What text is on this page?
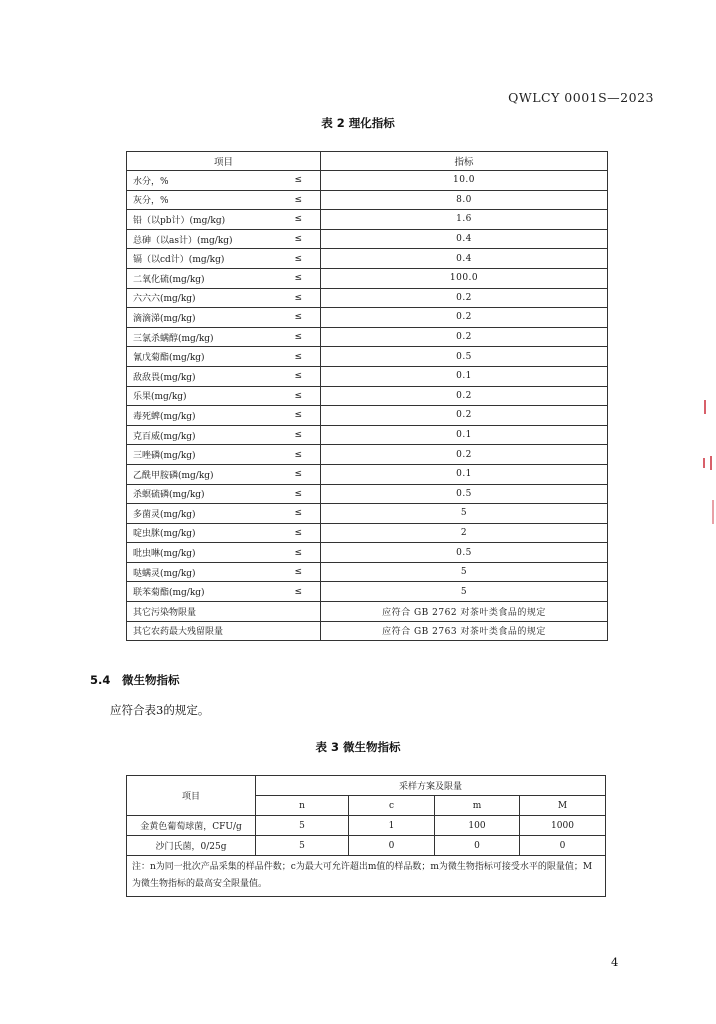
QWLCY 0001S—2023
表 2 理化指标
项目		指标
水分，%	≤	10.0
灰分，%	≤	8.0
铅（以pb计）(mg/kg)	≤	1.6
总砷（以as计）(mg/kg)	≤	0.4
镉（以cd计）(mg/kg)	≤	0.4
二氧化硫(mg/kg)	≤	100.0
六六六(mg/kg)	≤	0.2
滴滴涕(mg/kg)	≤	0.2
三氯杀螨醇(mg/kg)	≤	0.2
氰戊菊酯(mg/kg)	≤	0.5
敌敌畏(mg/kg)	≤	0.1
乐果(mg/kg)	≤	0.2
毒死蜱(mg/kg)	≤	0.2
克百威(mg/kg)	≤	0.1
三唑磷(mg/kg)	≤	0.2
乙酰甲胺磷(mg/kg)	≤	0.1
杀螟硫磷(mg/kg)	≤	0.5
多菌灵(mg/kg)	≤	5
啶虫脒(mg/kg)	≤	2
吡虫啉(mg/kg)	≤	0.5
哒螨灵(mg/kg)	≤	5
联苯菊酯(mg/kg)	≤	5
其它污染物限量		应符合 GB 2762 对茶叶类食品的规定
其它农药最大残留限量		应符合 GB 2763 对茶叶类食品的规定
5.4 微生物指标
应符合表3的规定。
表 3 微生物指标
项目	采样方案及限量			
	n	c	m	M
金黄色葡萄球菌，CFU/g	5	1	100	1000
沙门氏菌，0/25g	5	0	0	0
注：n为同一批次产品采集的样品件数；c为最大可允许超出m值的样品数；m为微生物指标可接受水平的限量值；M为微生物指标的最高安全限量值。				
4
